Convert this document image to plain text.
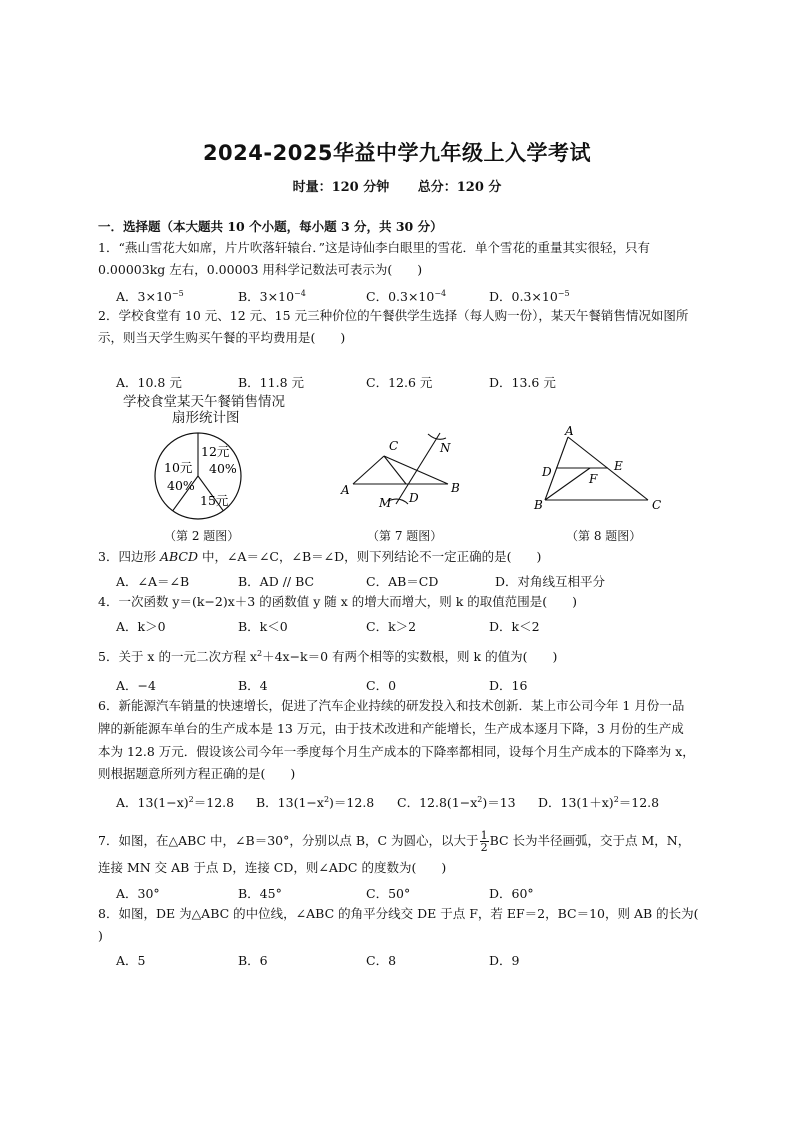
2024-2025华益中学九年级上入学考试
时量：120 分钟 总分：120 分
一．选择题（本大题共 10 个小题，每小题 3 分，共 30 分）
1．“燕山雪花大如席，片片吹落轩辕台．”这是诗仙李白眼里的雪花．单个雪花的重量其实很轻，只有
0.00003kg 左右，0.00003 用科学记数法可表示为(　　)
A．$3\times 10^{-5}$	B．$3\times 10^{-4}$	C．$0.3\times 10^{-4}$	D．$0.3\times 10^{-5}$
2．学校食堂有 10 元、12 元、15 元三种价位的午餐供学生选择（每人购一份），某天午餐销售情况如图所
示，则当天学生购买午餐的平均费用是(　　)
A．10.8 元	B．11.8 元	C．12.6 元	D．13.6 元
学校食堂某天午餐销售情况
扇形统计图
12元
40%
10元
40%
15元
（第 2 题图）
A	B
C
D
M
N
（第 7 题图）
A
B	C
D	E
F
（第 8 题图）
3．四边形 ABCD 中，∠A＝∠C，∠B＝∠D，则下列结论不一定正确的是(　　)
A．∠A＝∠B	B．AD // BC	C．AB＝CD	D．对角线互相平分
4．一次函数 y＝(k−2)x＋3 的函数值 y 随 x 的增大而增大，则 k 的取值范围是(　　)
A．k＞0	B．k＜0	C．k＞2	D．k＜2
5．关于 x 的一元二次方程 $x^2+4x-k=0$ 有两个相等的实数根，则 k 的值为(　　)
A．−4	B．4	C．0	D．16
6．新能源汽车销量的快速增长，促进了汽车企业持续的研发投入和技术创新．某上市公司今年 1 月份一品
牌的新能源车单台的生产成本是 13 万元，由于技术改进和产能增长，生产成本逐月下降，3 月份的生产成
本为 12.8 万元．假设该公司今年一季度每个月生产成本的下降率都相同，设每个月生产成本的下降率为 x，
则根据题意所列方程正确的是(　　)
A．$13(1-x)^2=12.8$ B．$13(1-x^2)=12.8$ C．$12.8(1-x^2)=13$ D．$13(1+x)^2=12.8$
7．如图，在△ABC 中，∠B＝30°，分别以点 B，C 为圆心，以大于 $\frac{1}{2}$ BC 长为半径画弧，交于点 M，N，
连接 MN 交 AB 于点 D，连接 CD，则∠ADC 的度数为(　　)
A．30°	B．45°	C．50°	D．60°
8．如图，DE 为△ABC 的中位线，∠ABC 的角平分线交 DE 于点 F，若 EF＝2，BC＝10，则 AB 的长为(
)
A．5	B．6	C．8	D．9
